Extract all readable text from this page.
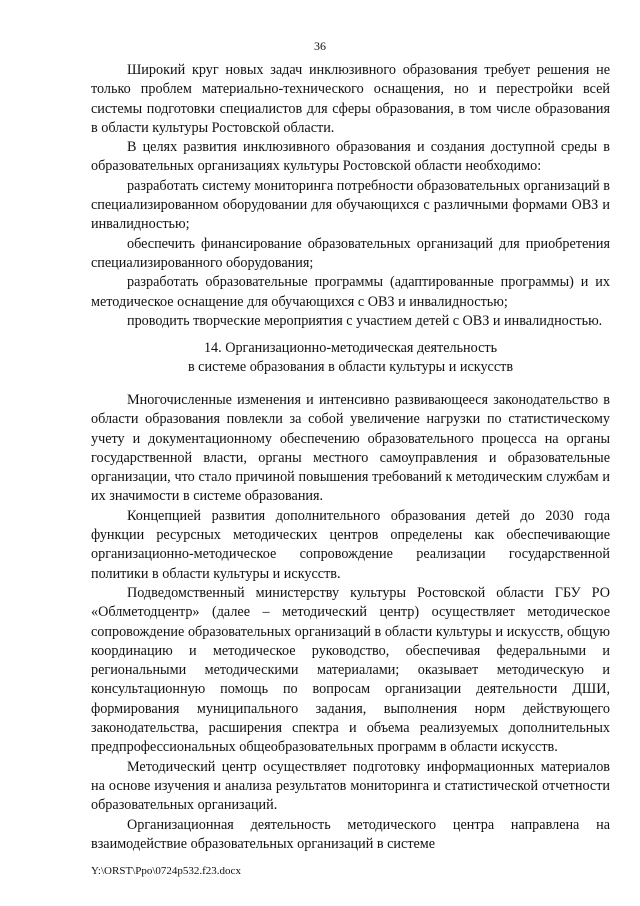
36

Широкий круг новых задач инклюзивного образования требует решения не только проблем материально-технического оснащения, но и перестройки всей системы подготовки специалистов для сферы образования, в том числе образования в области культуры Ростовской области.

В целях развития инклюзивного образования и создания доступной среды в образовательных организациях культуры Ростовской области необходимо:

разработать систему мониторинга потребности образовательных организаций в специализированном оборудовании для обучающихся с различными формами ОВЗ и инвалидностью;

обеспечить финансирование образовательных организаций для приобретения специализированного оборудования;

разработать образовательные программы (адаптированные программы) и их методическое оснащение для обучающихся с ОВЗ и инвалидностью;

проводить творческие мероприятия с участием детей с ОВЗ и инвалидностью.

14. Организационно-методическая деятельность
в системе образования в области культуры и искусств

Многочисленные изменения и интенсивно развивающееся законодательство в области образования повлекли за собой увеличение нагрузки по статистическому учету и документационному обеспечению образовательного процесса на органы государственной власти, органы местного самоуправления и образовательные организации, что стало причиной повышения требований к методическим службам и их значимости в системе образования.

Концепцией развития дополнительного образования детей до 2030 года функции ресурсных методических центров определены как обеспечивающие организационно-методическое сопровождение реализации государственной политики в области культуры и искусств.

Подведомственный министерству культуры Ростовской области ГБУ РО «Облметодцентр» (далее – методический центр) осуществляет методическое сопровождение образовательных организаций в области культуры и искусств, общую координацию и методическое руководство, обеспечивая федеральными и региональными методическими материалами; оказывает методическую и консультационную помощь по вопросам организации деятельности ДШИ, формирования муниципального задания, выполнения норм действующего законодательства, расширения спектра и объема реализуемых дополнительных предпрофессиональных общеобразовательных программ в области искусств.

Методический центр осуществляет подготовку информационных материалов на основе изучения и анализа результатов мониторинга и статистической отчетности образовательных организаций.

Организационная деятельность методического центра направлена на взаимодействие образовательных организаций в системе

Y:\ORST\Ppo\0724p532.f23.docx
